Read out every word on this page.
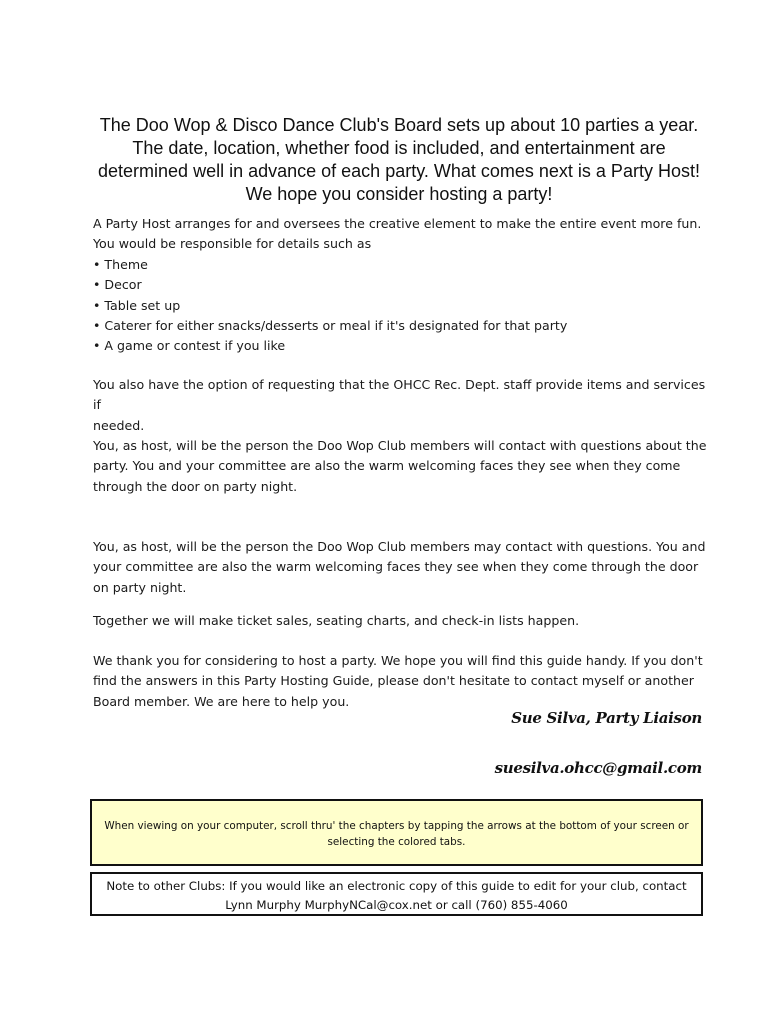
The Doo Wop & Disco Dance Club's Board sets up about 10 parties a year.
The date, location, whether food is included, and entertainment are
determined well in advance of each party. What comes next is a Party Host!
We hope you consider hosting a party!
A Party Host arranges for and oversees the creative element to make the entire event more fun.
You would be responsible for details such as
• Theme
• Decor
• Table set up
• Caterer for either snacks/desserts or meal if it's designated for that party
• A game or contest if you like
You also have the option of requesting that the OHCC Rec. Dept. staff provide items and services if
needed.
You, as host, will be the person the Doo Wop Club members will contact with questions about the
party. You and your committee are also the warm welcoming faces they see when they come
through the door on party night.
You, as host, will be the person the Doo Wop Club members may contact with questions. You and
your committee are also the warm welcoming faces they see when they come through the door
on party night.
Together we will make ticket sales, seating charts, and check-in lists happen.
We thank you for considering to host a party. We hope you will find this guide handy. If you don't
find the answers in this Party Hosting Guide, please don't hesitate to contact myself or another
Board member. We are here to help you.
Sue Silva, Party Liaison
suesilva.ohcc@gmail.com
When viewing on your computer, scroll thru' the chapters by tapping the arrows at the bottom of your screen or
selecting the colored tabs.
Note to other Clubs: If you would like an electronic copy of this guide to edit for your club, contact
Lynn Murphy MurphyNCal@cox.net or call (760) 855-4060
